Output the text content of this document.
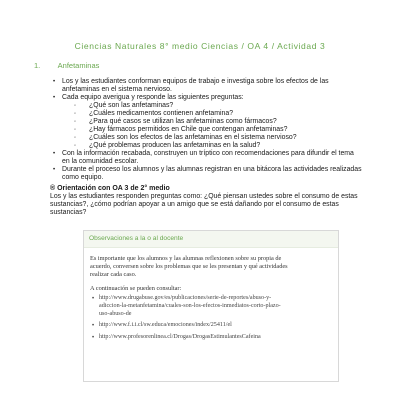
Ciencias Naturales 8° medio Ciencias / OA 4 / Actividad 3
1. Anfetaminas
• Los y las estudiantes conforman equipos de trabajo e investiga sobre los efectos de las
anfetaminas en el sistema nervioso.
• Cada equipo averigua y responde las siguientes preguntas:
◦ ¿Qué son las anfetaminas?
◦ ¿Cuáles medicamentos contienen anfetamina?
◦ ¿Para qué casos se utilizan las anfetaminas como fármacos?
◦ ¿Hay fármacos permitidos en Chile que contengan anfetaminas?
◦ ¿Cuáles son los efectos de las anfetaminas en el sistema nervioso?
◦ ¿Qué problemas producen las anfetaminas en la salud?
• Con la información recabada, construyen un tríptico con recomendaciones para difundir el tema
en la comunidad escolar.
• Durante el proceso los alumnos y las alumnas registran en una bitácora las actividades realizadas
como equipo.
® Orientación con OA 3 de 2° medio
Los y las estudiantes responden preguntas como: ¿Qué piensan ustedes sobre el consumo de estas
sustancias?, ¿cómo podrían apoyar a un amigo que se está dañando por el consumo de estas
sustancias?
Observaciones a la o al docente
Es importante que los alumnos y las alumnas reflexionen sobre su propia de
acuerdo, conversen sobre los problemas que se les presentan y qué actividades
realizar cada caso.
A continuación se pueden consultar:
• http://www.drugabuse.gov/es/publicaciones/serie-de-reportes/abuso-y-
adiccion-la-metanfetamina/cuales-son-los-efectos-inmediatos-corto-plazo-
uso-abuso-de
• http://www.f.i.i.cl/sw.educa/emociones/index/25411/el
• http://www.profesorenlinea.cl/Drogas/DrogasEstimulantesCafeina
